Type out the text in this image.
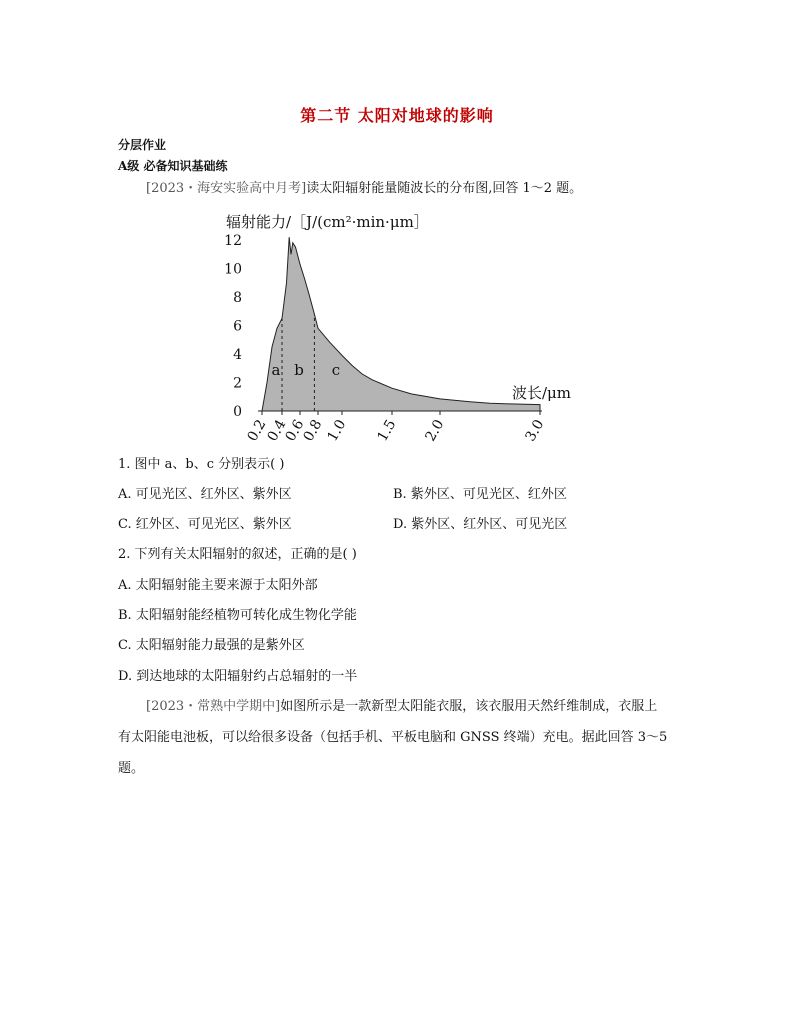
第二节 太阳对地球的影响
分层作业
A级 必备知识基础练
[2023・海安实验高中月考]读太阳辐射能量随波长的分布图,回答 1～2 题。
辐射能力/［J/(cm²·min·μm］
0
2
4
6
8
10
12
a b c
0.2
0.4
0.6
0.8 1.0 1.5 2.0	3.0
波长/μm
1. 图中 a、b、c 分别表示( )
A. 可见光区、红外区、紫外区	B. 紫外区、可见光区、红外区
C. 红外区、可见光区、紫外区	D. 紫外区、红外区、可见光区
2. 下列有关太阳辐射的叙述，正确的是( )
A. 太阳辐射能主要来源于太阳外部
B. 太阳辐射能经植物可转化成生物化学能
C. 太阳辐射能力最强的是紫外区
D. 到达地球的太阳辐射约占总辐射的一半
[2023・常熟中学期中]如图所示是一款新型太阳能衣服，该衣服用天然纤维制成，衣服上
有太阳能电池板，可以给很多设备（包括手机、平板电脑和 GNSS 终端）充电。据此回答 3～5
题。
